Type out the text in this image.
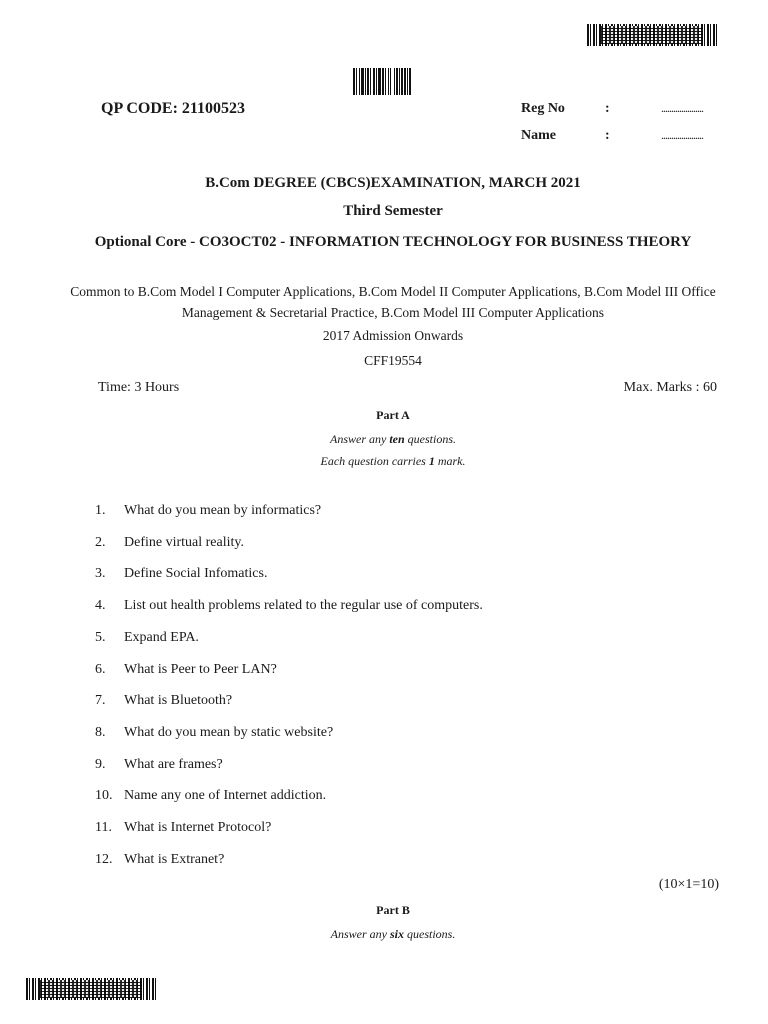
QP CODE: 21100523	Reg No	:	.....................
Name	:	.....................
B.Com DEGREE (CBCS)EXAMINATION, MARCH 2021
Third Semester
Optional Core - CO3OCT02 - INFORMATION TECHNOLOGY FOR BUSINESS THEORY
Common to B.Com Model I Computer Applications, B.Com Model II Computer Applications, B.Com Model III Office Management & Secretarial Practice, B.Com Model III Computer Applications
2017 Admission Onwards
CFF19554
Time: 3 Hours	Max. Marks : 60
Part A
Answer any ten questions.
Each question carries 1 mark.
1. What do you mean by informatics?
2. Define virtual reality.
3. Define Social Infomatics.
4. List out health problems related to the regular use of computers.
5. Expand EPA.
6. What is Peer to Peer LAN?
7. What is Bluetooth?
8. What do you mean by static website?
9. What are frames?
10. Name any one of Internet addiction.
11. What is Internet Protocol?
12. What is Extranet?
(10×1=10)
Part B
Answer any six questions.
